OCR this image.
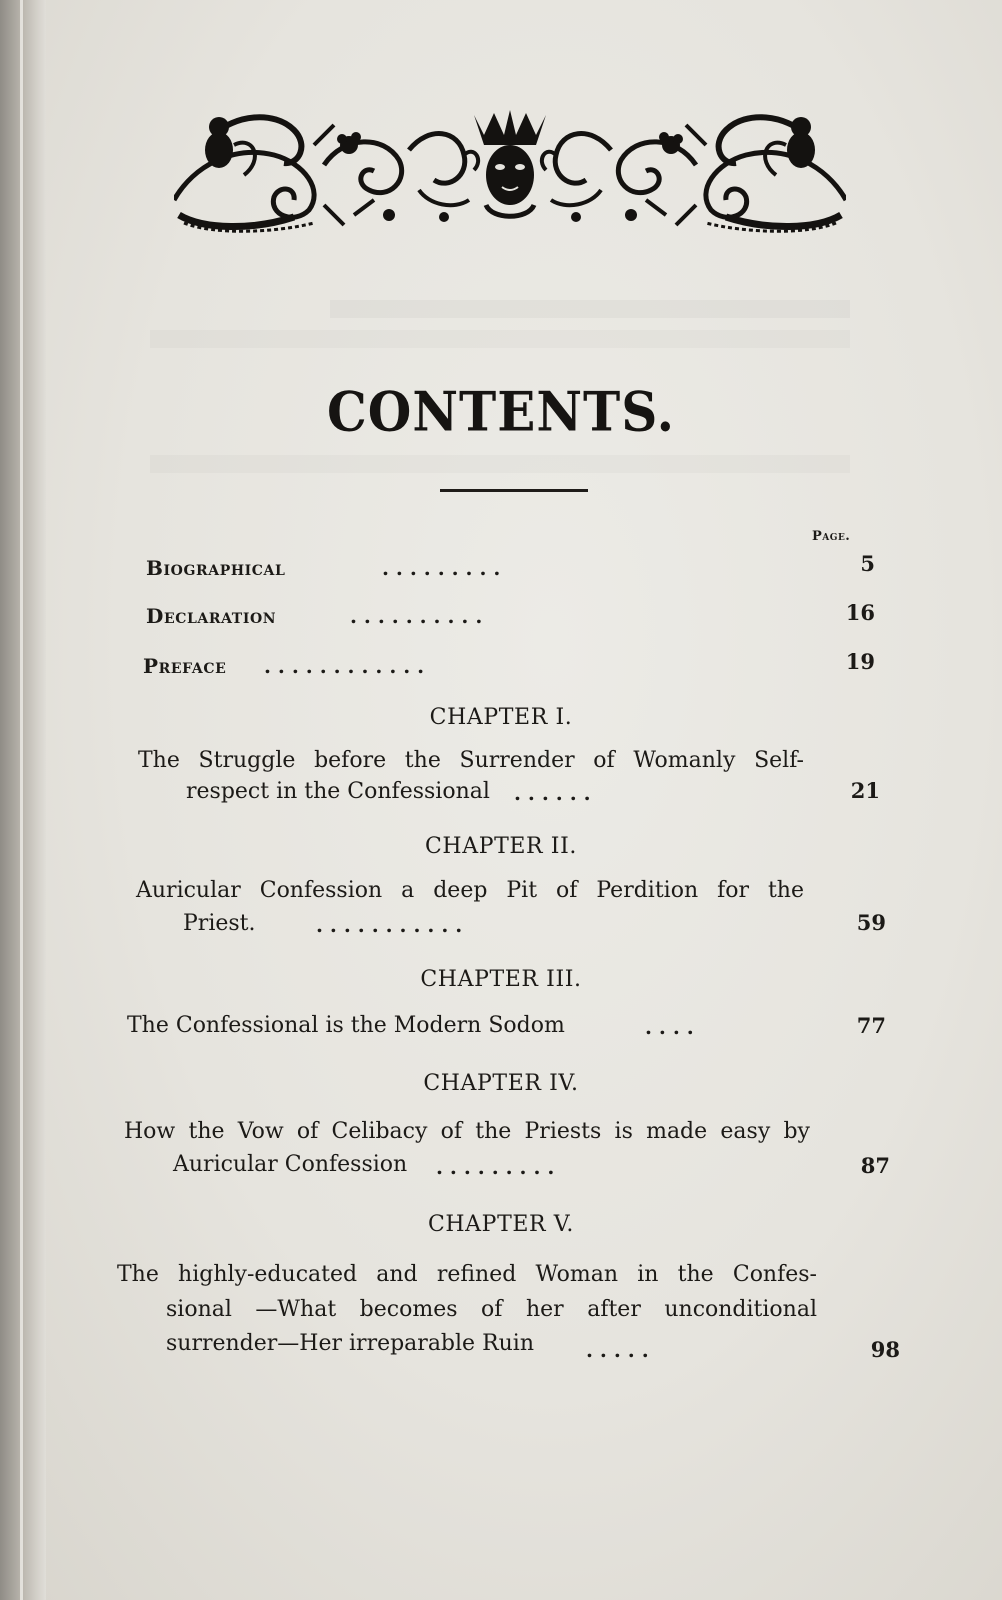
CONTENTS.
Page.
Biographical	. . . . . . . . .	5
Declaration	. . . . . . . . . .	16
Preface . . . . . . . . . . . .	19
CHAPTER I.
The Struggle before the Surrender of Womanly Self-
respect in the Confessional . . . . . .	21
CHAPTER II.
Auricular Confession a deep Pit of Perdition for the
Priest.	. . . . . . . . . . .	59
CHAPTER III.
The Confessional is the Modern Sodom	. . . .	77
CHAPTER IV.
How the Vow of Celibacy of the Priests is made easy by
Auricular Confession . . . . . . . . .	87
CHAPTER V.
The highly-educated and refined Woman in the Confes-
sional —What becomes of her after unconditional
surrender—Her irreparable Ruin	. . . . .	98
